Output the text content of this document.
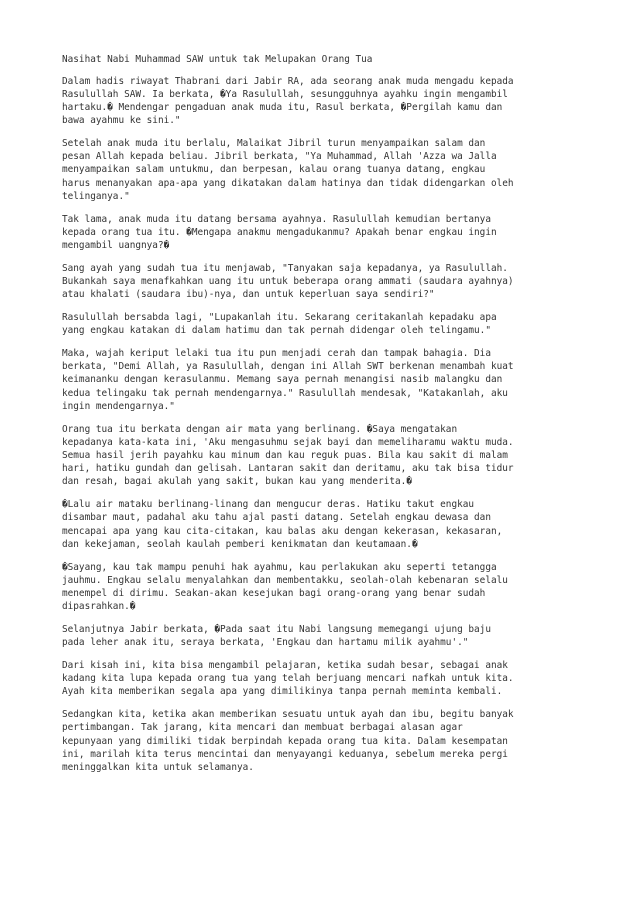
Nasihat Nabi Muhammad SAW untuk tak Melupakan Orang Tua

Dalam hadis riwayat Thabrani dari Jabir RA, ada seorang anak muda mengadu kepada
Rasulullah SAW. Ia berkata, �Ya Rasulullah, sesungguhnya ayahku ingin mengambil
hartaku.� Mendengar pengaduan anak muda itu, Rasul berkata, �Pergilah kamu dan
bawa ayahmu ke sini."

Setelah anak muda itu berlalu, Malaikat Jibril turun menyampaikan salam dan
pesan Allah kepada beliau. Jibril berkata, "Ya Muhammad, Allah 'Azza wa Jalla
menyampaikan salam untukmu, dan berpesan, kalau orang tuanya datang, engkau
harus menanyakan apa-apa yang dikatakan dalam hatinya dan tidak didengarkan oleh
telinganya."

Tak lama, anak muda itu datang bersama ayahnya. Rasulullah kemudian bertanya
kepada orang tua itu. �Mengapa anakmu mengadukanmu? Apakah benar engkau ingin
mengambil uangnya?�

Sang ayah yang sudah tua itu menjawab, "Tanyakan saja kepadanya, ya Rasulullah.
Bukankah saya menafkahkan uang itu untuk beberapa orang ammati (saudara ayahnya)
atau khalati (saudara ibu)-nya, dan untuk keperluan saya sendiri?"

Rasulullah bersabda lagi, "Lupakanlah itu. Sekarang ceritakanlah kepadaku apa
yang engkau katakan di dalam hatimu dan tak pernah didengar oleh telingamu."

Maka, wajah keriput lelaki tua itu pun menjadi cerah dan tampak bahagia. Dia
berkata, "Demi Allah, ya Rasulullah, dengan ini Allah SWT berkenan menambah kuat
keimananku dengan kerasulanmu. Memang saya pernah menangisi nasib malangku dan
kedua telingaku tak pernah mendengarnya." Rasulullah mendesak, "Katakanlah, aku
ingin mendengarnya."

Orang tua itu berkata dengan air mata yang berlinang. �Saya mengatakan
kepadanya kata-kata ini, 'Aku mengasuhmu sejak bayi dan memeliharamu waktu muda.
Semua hasil jerih payahku kau minum dan kau reguk puas. Bila kau sakit di malam
hari, hatiku gundah dan gelisah. Lantaran sakit dan deritamu, aku tak bisa tidur
dan resah, bagai akulah yang sakit, bukan kau yang menderita.�

�Lalu air mataku berlinang-linang dan mengucur deras. Hatiku takut engkau
disambar maut, padahal aku tahu ajal pasti datang. Setelah engkau dewasa dan
mencapai apa yang kau cita-citakan, kau balas aku dengan kekerasan, kekasaran,
dan kekejaman, seolah kaulah pemberi kenikmatan dan keutamaan.�

�Sayang, kau tak mampu penuhi hak ayahmu, kau perlakukan aku seperti tetangga
jauhmu. Engkau selalu menyalahkan dan membentakku, seolah-olah kebenaran selalu
menempel di dirimu. Seakan-akan kesejukan bagi orang-orang yang benar sudah
dipasrahkan.�

Selanjutnya Jabir berkata, �Pada saat itu Nabi langsung memegangi ujung baju
pada leher anak itu, seraya berkata, 'Engkau dan hartamu milik ayahmu'."

Dari kisah ini, kita bisa mengambil pelajaran, ketika sudah besar, sebagai anak
kadang kita lupa kepada orang tua yang telah berjuang mencari nafkah untuk kita.
Ayah kita memberikan segala apa yang dimilikinya tanpa pernah meminta kembali.

Sedangkan kita, ketika akan memberikan sesuatu untuk ayah dan ibu, begitu banyak
pertimbangan. Tak jarang, kita mencari dan membuat berbagai alasan agar
kepunyaan yang dimiliki tidak berpindah kepada orang tua kita. Dalam kesempatan
ini, marilah kita terus mencintai dan menyayangi keduanya, sebelum mereka pergi
meninggalkan kita untuk selamanya.
